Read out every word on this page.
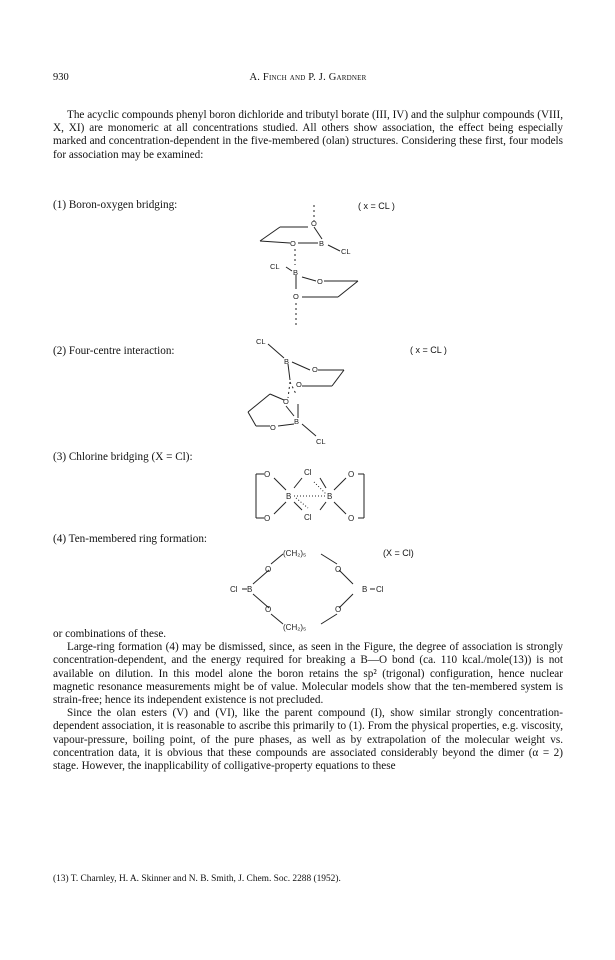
930	A. Finch and P. J. Gardner

The acyclic compounds phenyl boron dichloride and tributyl borate (III, IV) and the sulphur compounds (VIII, X, XI) are monomeric at all concentrations studied. All others show association, the effect being especially marked and concentration-dependent in the five-membered (olan) structures. Considering these first, four models for association may be examined:

(1) Boron-oxygen bridging:	( x = CL )
O
O	B
CL
CL
B
O
O
(2) Four-centre interaction:	( x = CL )
CL
B
O
O
O
B
O
CL
(3) Chlorine bridging (X = Cl):
O
O
Cl
Cl
B	B
O
O
(4) Ten-membered ring formation:
(X = Cl)
(CH₂)₅
O	O
Cl B	B Cl
O	O
(CH₂)₅

or combinations of these.

Large-ring formation (4) may be dismissed, since, as seen in the Figure, the degree of association is strongly concentration-dependent, and the energy required for breaking a B—O bond (ca. 110 kcal./mole(13)) is not available on dilution. In this model alone the boron retains the sp² (trigonal) configuration, hence nuclear magnetic resonance measurements might be of value. Molecular models show that the ten-membered system is strain-free; hence its independent existence is not precluded.

Since the olan esters (V) and (VI), like the parent compound (I), show similar strongly concentration-dependent association, it is reasonable to ascribe this primarily to (1). From the physical properties, e.g. viscosity, vapour-pressure, boiling point, of the pure phases, as well as by extrapolation of the molecular weight vs. concentration data, it is obvious that these compounds are associated considerably beyond the dimer (α = 2) stage. However, the inapplicability of colligative-property equations to these

(13) T. Charnley, H. A. Skinner and N. B. Smith, J. Chem. Soc. 2288 (1952).
